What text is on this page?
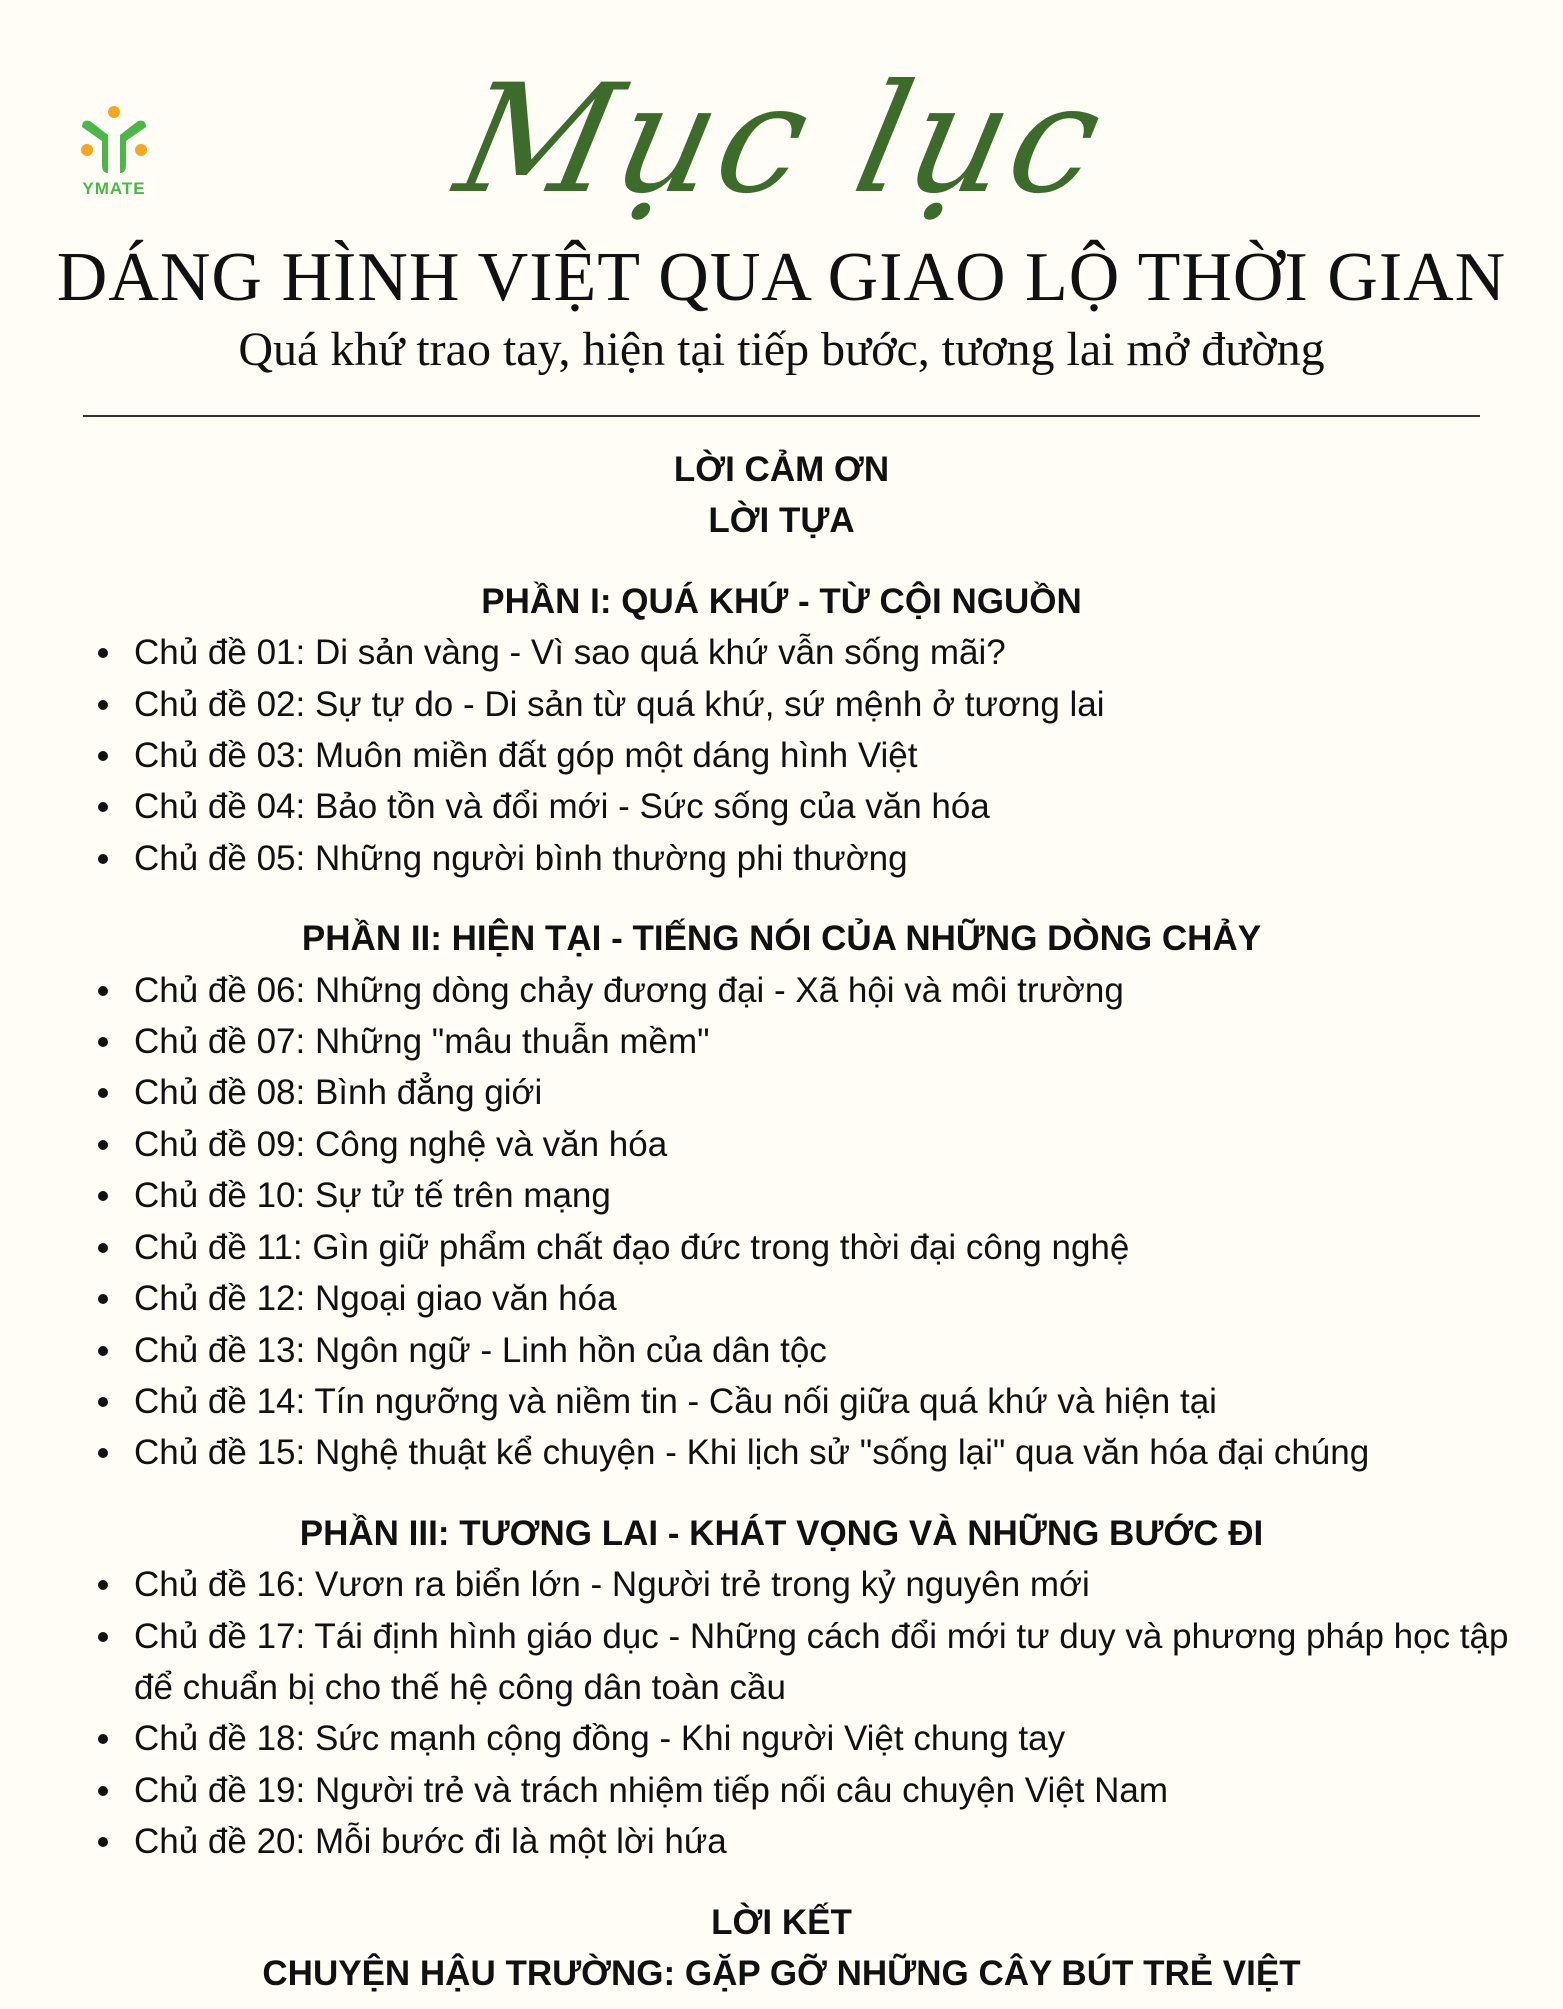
YMATE	Mục lục
DÁNG HÌNH VIỆT QUA GIAO LỘ THỜI GIAN
Quá khứ trao tay, hiện tại tiếp bước, tương lai mở đường
LỜI CẢM ƠN
LỜI TỰA
PHẦN I: QUÁ KHỨ - TỪ CỘI NGUỒN
Chủ đề 01: Di sản vàng - Vì sao quá khứ vẫn sống mãi?
Chủ đề 02: Sự tự do - Di sản từ quá khứ, sứ mệnh ở tương lai
Chủ đề 03: Muôn miền đất góp một dáng hình Việt
Chủ đề 04: Bảo tồn và đổi mới - Sức sống của văn hóa
Chủ đề 05: Những người bình thường phi thường
PHẦN II: HIỆN TẠI - TIẾNG NÓI CỦA NHỮNG DÒNG CHẢY
Chủ đề 06: Những dòng chảy đương đại - Xã hội và môi trường
Chủ đề 07: Những "mâu thuẫn mềm"
Chủ đề 08: Bình đẳng giới
Chủ đề 09: Công nghệ và văn hóa
Chủ đề 10: Sự tử tế trên mạng
Chủ đề 11: Gìn giữ phẩm chất đạo đức trong thời đại công nghệ
Chủ đề 12: Ngoại giao văn hóa
Chủ đề 13: Ngôn ngữ - Linh hồn của dân tộc
Chủ đề 14: Tín ngưỡng và niềm tin - Cầu nối giữa quá khứ và hiện tại
Chủ đề 15: Nghệ thuật kể chuyện - Khi lịch sử "sống lại" qua văn hóa đại chúng
PHẦN III: TƯƠNG LAI - KHÁT VỌNG VÀ NHỮNG BƯỚC ĐI
Chủ đề 16: Vươn ra biển lớn - Người trẻ trong kỷ nguyên mới
Chủ đề 17: Tái định hình giáo dục - Những cách đổi mới tư duy và phương pháp học tập để chuẩn bị cho thế hệ công dân toàn cầu
Chủ đề 18: Sức mạnh cộng đồng - Khi người Việt chung tay
Chủ đề 19: Người trẻ và trách nhiệm tiếp nối câu chuyện Việt Nam
Chủ đề 20: Mỗi bước đi là một lời hứa
LỜI KẾT
CHUYỆN HẬU TRƯỜNG: GẶP GỠ NHỮNG CÂY BÚT TRẺ VIỆT
